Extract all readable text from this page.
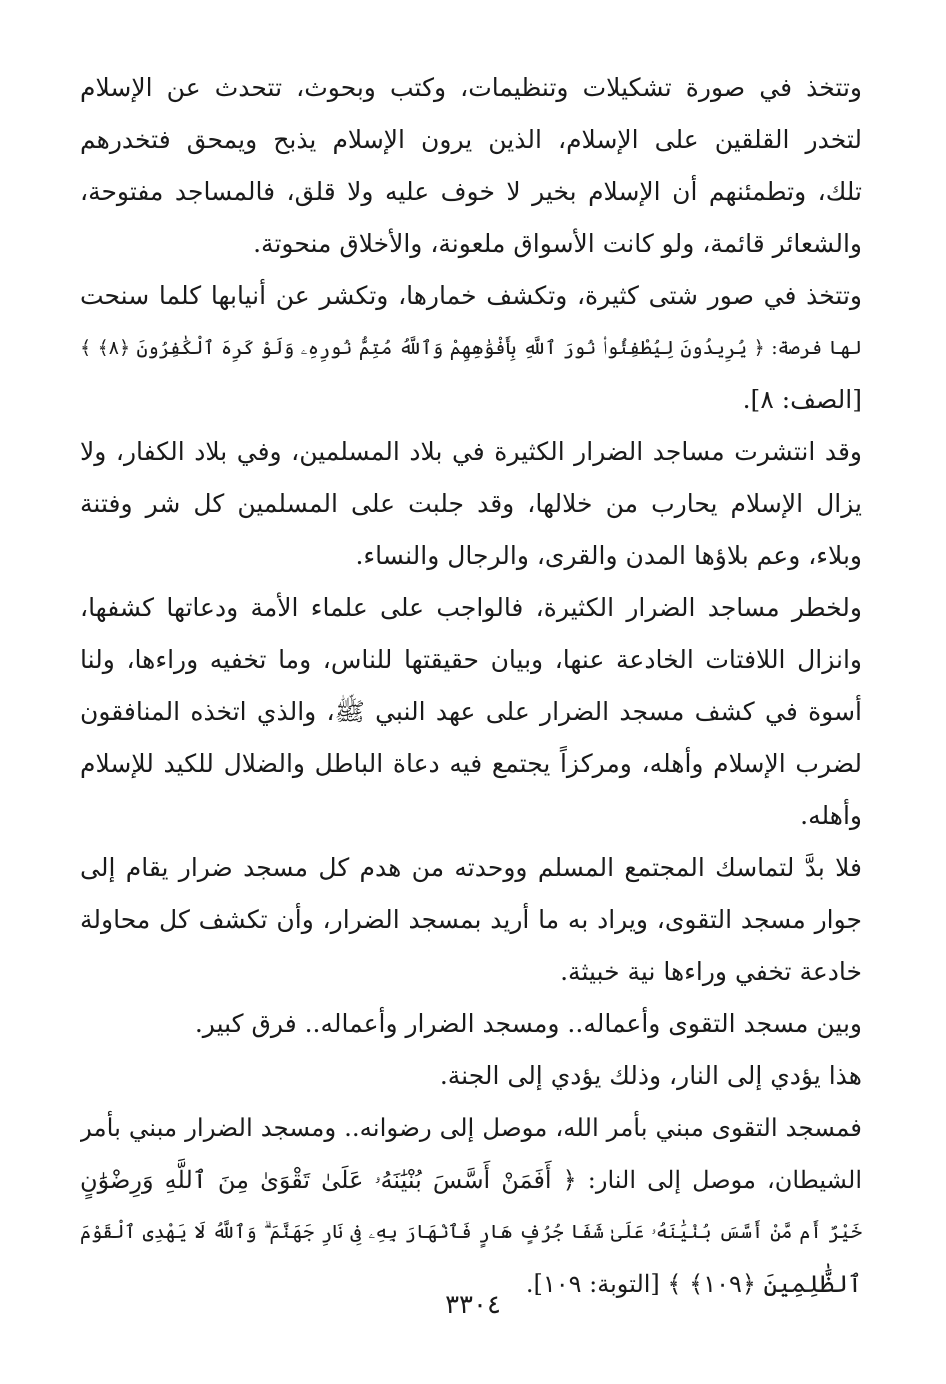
وتتخذ في صورة تشكيلات وتنظيمات، وكتب وبحوث، تتحدث عن الإسلام
لتخدر القلقين على الإسلام، الذين يرون الإسلام يذبح ويمحق فتخدرهم
تلك، وتطمئنهم أن الإسلام بخير لا خوف عليه ولا قلق، فالمساجد مفتوحة،
والشعائر قائمة، ولو كانت الأسواق ملعونة، والأخلاق منحوتة.
وتتخذ في صور شتى كثيرة، وتكشف خمارها، وتكشر عن أنيابها كلما سنحت
لها فرصة: ﴿ يُرِيدُونَ لِيُطْفِئُوا۟ نُورَ ٱللَّهِ بِأَفْوَٰهِهِمْ وَٱللَّهُ مُتِمُّ نُورِهِۦ وَلَوْ كَرِهَ ٱلْكَٰفِرُونَ ﴿٨﴾ ﴾
[الصف: ٨].
وقد انتشرت مساجد الضرار الكثيرة في بلاد المسلمين، وفي بلاد الكفار، ولا
يزال الإسلام يحارب من خلالها، وقد جلبت على المسلمين كل شر وفتنة
وبلاء، وعم بلاؤها المدن والقرى، والرجال والنساء.
ولخطر مساجد الضرار الكثيرة، فالواجب على علماء الأمة ودعاتها كشفها،
وانزال اللافتات الخادعة عنها، وبيان حقيقتها للناس، وما تخفيه وراءها، ولنا
أسوة في كشف مسجد الضرار على عهد النبي ﷺ، والذي اتخذه المنافقون
لضرب الإسلام وأهله، ومركزاً يجتمع فيه دعاة الباطل والضلال للكيد للإسلام
وأهله.
فلا بدَّ لتماسك المجتمع المسلم ووحدته من هدم كل مسجد ضرار يقام إلى
جوار مسجد التقوى، ويراد به ما أريد بمسجد الضرار، وأن تكشف كل محاولة
خادعة تخفي وراءها نية خبيثة.
وبين مسجد التقوى وأعماله.. ومسجد الضرار وأعماله.. فرق كبير.
هذا يؤدي إلى النار، وذلك يؤدي إلى الجنة.
فمسجد التقوى مبني بأمر الله، موصل إلى رضوانه.. ومسجد الضرار مبني بأمر
الشيطان، موصل إلى النار: ﴿ أَفَمَنْ أَسَّسَ بُنْيَٰنَهُۥ عَلَىٰ تَقْوَىٰ مِنَ ٱللَّهِ وَرِضْوَٰنٍ
خَيْرٌ أَم مَّنْ أَسَّسَ بُنْيَٰنَهُۥ عَلَىٰ شَفَا جُرُفٍ هَارٍ فَٱنْهَارَ بِهِۦ فِى نَارِ جَهَنَّمَ ۗ وَٱللَّهُ لَا يَهْدِى ٱلْقَوْمَ
ٱلظَّٰلِمِينَ ﴿١٠٩﴾ ﴾ [التوبة: ١٠٩].
٣٣٠٤
